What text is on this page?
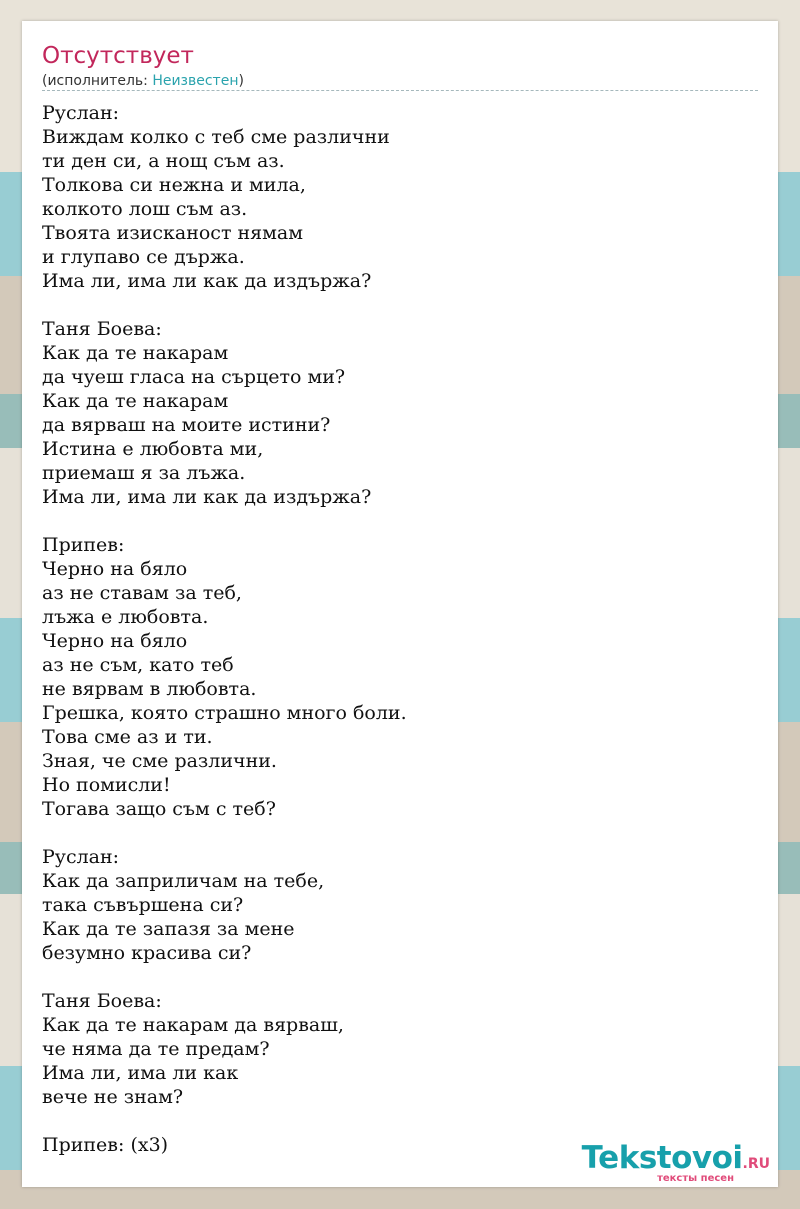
Отсутствует
(исполнитель: Неизвестен)
Руслан:
Виждам колко с теб сме различни
ти ден си, а нощ съм аз.
Толкова си нежна и мила,
колкото лош съм аз.
Твоята изисканост нямам
и глупаво се държа.
Има ли, има ли как да издържа?
Таня Боева:
Как да те накарам
да чуеш гласа на сърцето ми?
Как да те накарам
да вярваш на моите истини?
Истина е любовта ми,
приемаш я за лъжа.
Има ли, има ли как да издържа?
Припев:
Черно на бяло
аз не ставам за теб,
лъжа е любовта.
Черно на бяло
аз не съм, като теб
не вярвам в любовта.
Грешка, която страшно много боли.
Това сме аз и ти.
Зная, че сме различни.
Но помисли!
Тогава защо съм с теб?
Руслан:
Как да заприличам на тебе,
така съвършена си?
Как да те запазя за мене
безумно красива си?
Таня Боева:
Как да те накарам да вярваш,
че няма да те предам?
Има ли, има ли как
вече не знам?
Припев: (x3)	Tekstovoi.RU
тексты песен
